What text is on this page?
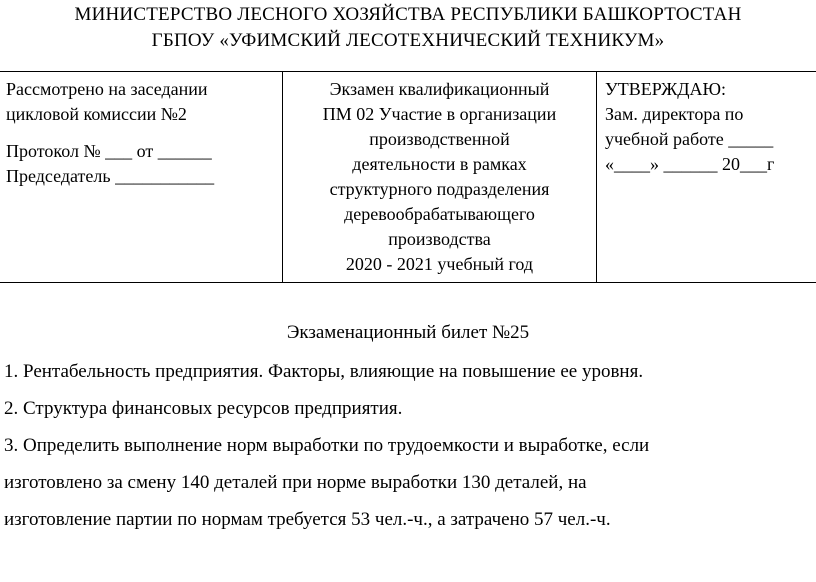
МИНИСТЕРСТВО ЛЕСНОГО ХОЗЯЙСТВА РЕСПУБЛИКИ БАШКОРТОСТАН
ГБПОУ «УФИМСКИЙ ЛЕСОТЕХНИЧЕСКИЙ ТЕХНИКУМ»
Рассмотрено на заседании
цикловой комиссии №2
Протокол № ___ от ______
Председатель ___________
Экзамен квалификационный
ПМ 02 Участие в организации
производственной
деятельности в рамках
структурного подразделения
деревообрабатывающего
производства
2020 - 2021 учебный год
УТВЕРЖДАЮ:
Зам. директора по
учебной работе _____
«____» ______ 20___г
Экзаменационный билет №25
1. Рентабельность предприятия. Факторы, влияющие на повышение ее уровня.
2. Структура финансовых ресурсов предприятия.
3. Определить выполнение норм выработки по трудоемкости и выработке, если
изготовлено за смену 140 деталей при норме выработки 130 деталей, на
изготовление партии по нормам требуется 53 чел.-ч., а затрачено 57 чел.-ч.
